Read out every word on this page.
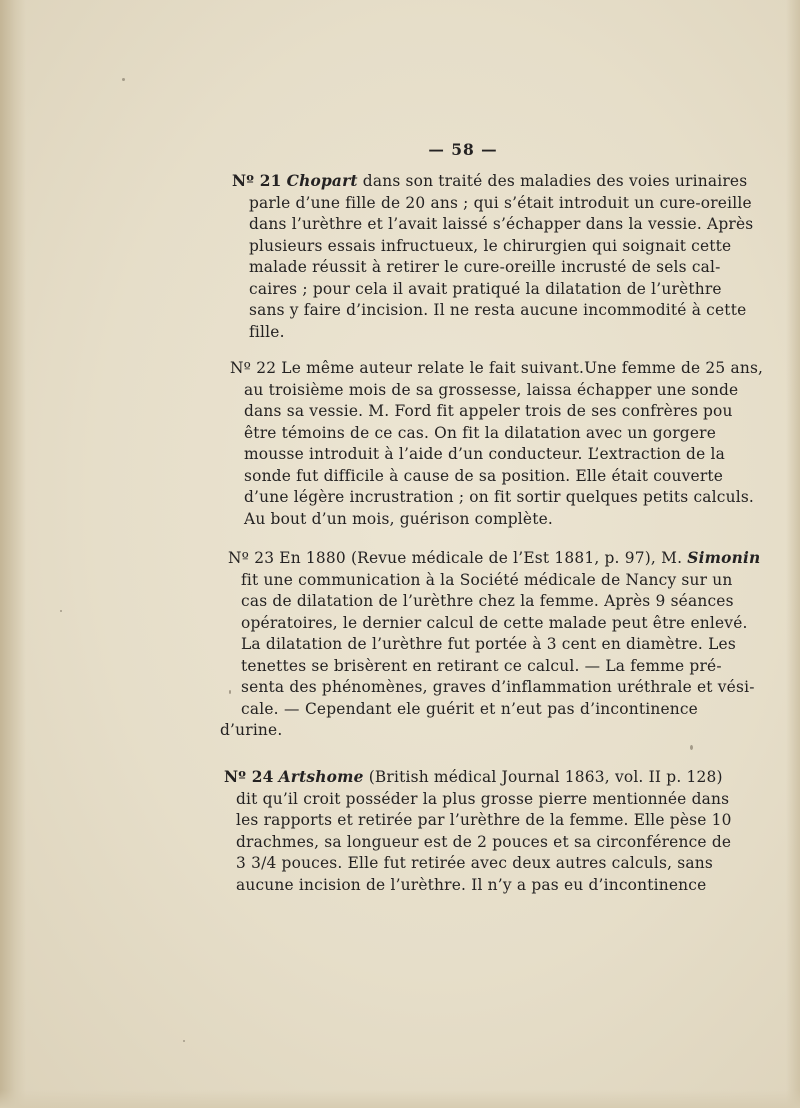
— 58 —
Nº 21 Chopart dans son traité des maladies des voies urinaires
parle d’une fille de 20 ans ; qui s’était introduit un cure-oreille
dans l’urèthre et l’avait laissé s’échapper dans la vessie. Après
plusieurs essais infructueux, le chirurgien qui soignait cette
malade réussit à retirer le cure-oreille incrusté de sels cal-
caires ; pour cela il avait pratiqué la dilatation de l’urèthre
sans y faire d’incision. Il ne resta aucune incommodité à cette
fille.
Nº 22 Le même auteur relate le fait suivant.Une femme de 25 ans,
au troisième mois de sa grossesse, laissa échapper une sonde
dans sa vessie. M. Ford fit appeler trois de ses confrères pou
être témoins de ce cas. On fit la dilatation avec un gorgere
mousse introduit à l’aide d’un conducteur. L’extraction de la
sonde fut difficile à cause de sa position. Elle était couverte
d’une légère incrustration ; on fit sortir quelques petits calculs.
Au bout d’un mois, guérison complète.
Nº 23 En 1880 (Revue médicale de l’Est 1881, p. 97), M. Simonin
fit une communication à la Société médicale de Nancy sur un
cas de dilatation de l’urèthre chez la femme. Après 9 séances
opératoires, le dernier calcul de cette malade peut être enlevé.
La dilatation de l’urèthre fut portée à 3 cent en diamètre. Les
tenettes se brisèrent en retirant ce calcul. — La femme pré-
senta des phénomènes, graves d’inflammation uréthrale et vési-
cale. — Cependant ele guérit et n’eut pas d’incontinence
d’urine.
Nº 24 Artshome (British médical Journal 1863, vol. II p. 128)
dit qu’il croit posséder la plus grosse pierre mentionnée dans
les rapports et retirée par l’urèthre de la femme. Elle pèse 10
drachmes, sa longueur est de 2 pouces et sa circonférence de
3 3/4 pouces. Elle fut retirée avec deux autres calculs, sans
aucune incision de l’urèthre. Il n’y a pas eu d’incontinence
